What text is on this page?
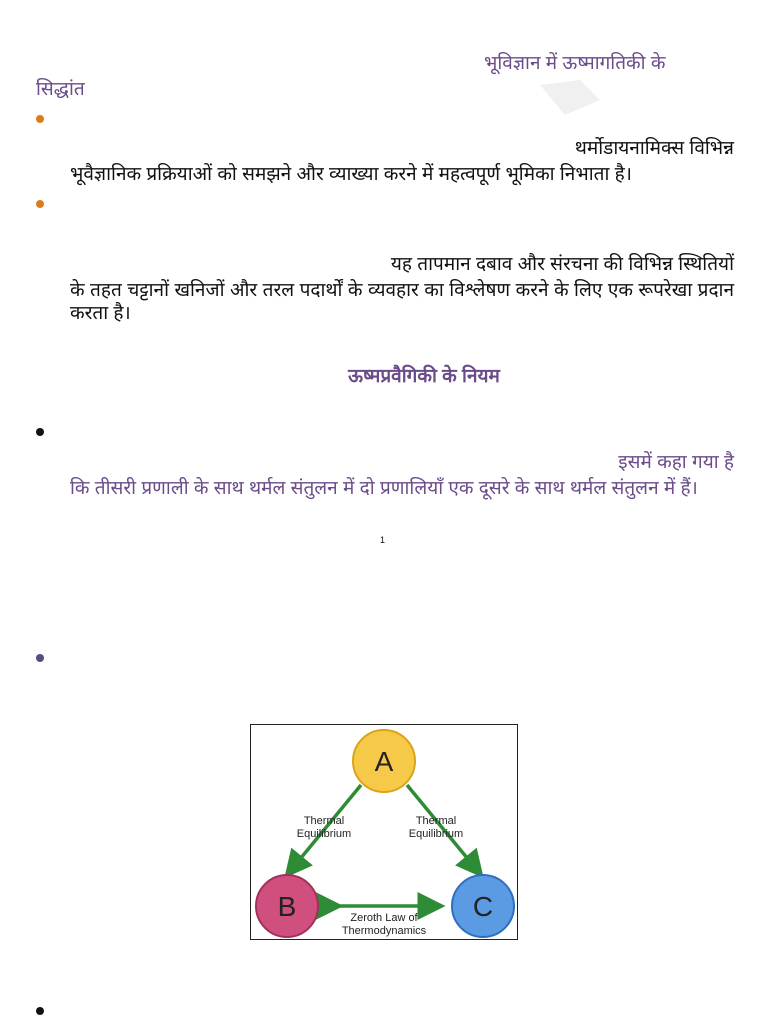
भूविज्ञान में ऊष्मागतिकी के
सिद्धांत
थर्मोडायनामिक्स विभिन्न
भूवैज्ञानिक प्रक्रियाओं को समझने और व्याख्या करने में महत्वपूर्ण भूमिका निभाता है।
यह तापमान दबाव और संरचना की विभिन्न स्थितियों
के तहत चट्टानों खनिजों और तरल पदार्थों के व्यवहार का विश्लेषण करने के लिए एक रूपरेखा प्रदान करता है।
ऊष्मप्रवैगिकी के नियम
इसमें कहा गया है
कि तीसरी प्रणाली के साथ थर्मल संतुलन में दो प्रणालियाँ एक दूसरे के साथ थर्मल संतुलन में हैं।
1
A
B	C
Thermal
Equilibrium
Thermal
Equilibrium
Zeroth Law of
Thermodynamics
